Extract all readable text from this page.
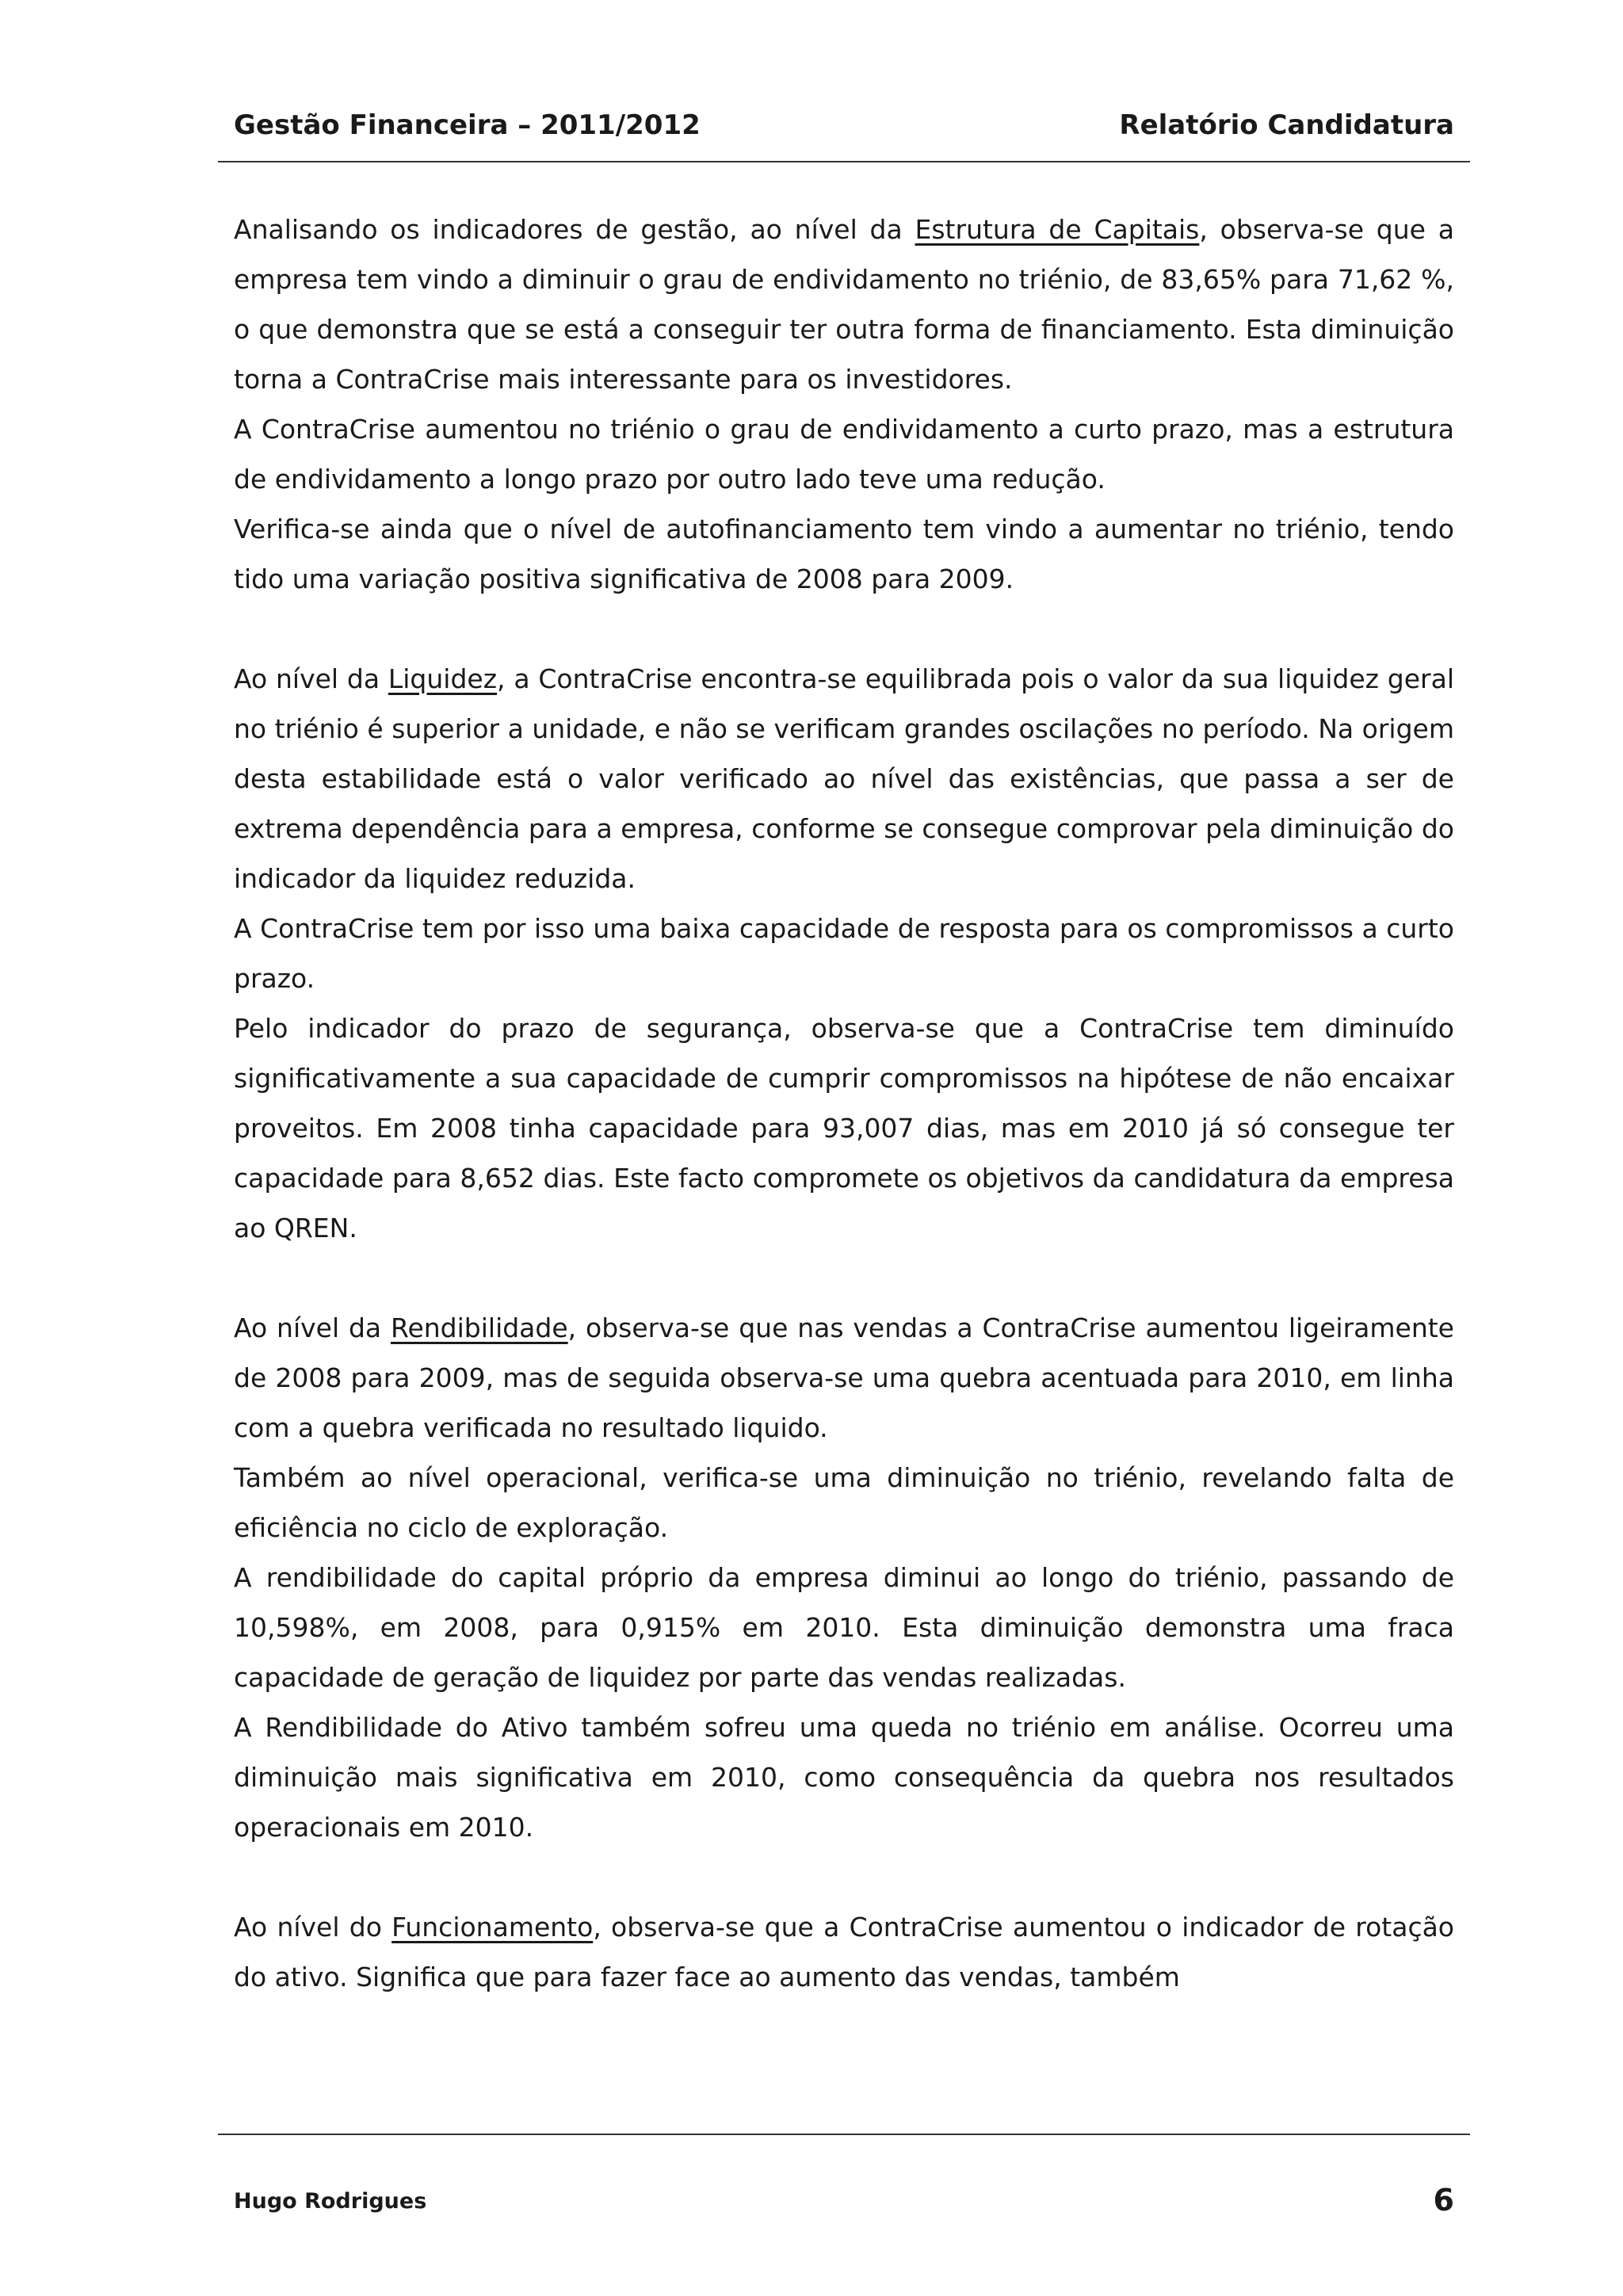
Gestão Financeira – 2011/2012	Relatório Candidatura

Analisando os indicadores de gestão, ao nível da Estrutura de Capitais, observa-se que a empresa tem vindo a diminuir o grau de endividamento no triénio, de 83,65% para 71,62 %, o que demonstra que se está a conseguir ter outra forma de financiamento. Esta diminuição torna a ContraCrise mais interessante para os investidores.

A ContraCrise aumentou no triénio o grau de endividamento a curto prazo, mas a estrutura de endividamento a longo prazo por outro lado teve uma redução.

Verifica-se ainda que o nível de autofinanciamento tem vindo a aumentar no triénio, tendo tido uma variação positiva significativa de 2008 para 2009.

Ao nível da Liquidez, a ContraCrise encontra-se equilibrada pois o valor da sua liquidez geral no triénio é superior a unidade, e não se verificam grandes oscilações no período. Na origem desta estabilidade está o valor verificado ao nível das existências, que passa a ser de extrema dependência para a empresa, conforme se consegue comprovar pela diminuição do indicador da liquidez reduzida.

A ContraCrise tem por isso uma baixa capacidade de resposta para os compromissos a curto prazo.

Pelo indicador do prazo de segurança, observa-se que a ContraCrise tem diminuído significativamente a sua capacidade de cumprir compromissos na hipótese de não encaixar proveitos. Em 2008 tinha capacidade para 93,007 dias, mas em 2010 já só consegue ter capacidade para 8,652 dias. Este facto compromete os objetivos da candidatura da empresa ao QREN.

Ao nível da Rendibilidade, observa-se que nas vendas a ContraCrise aumentou ligeiramente de 2008 para 2009, mas de seguida observa-se uma quebra acentuada para 2010, em linha com a quebra verificada no resultado liquido.

Também ao nível operacional, verifica-se uma diminuição no triénio, revelando falta de eficiência no ciclo de exploração.

A rendibilidade do capital próprio da empresa diminui ao longo do triénio, passando de 10,598%, em 2008, para 0,915% em 2010. Esta diminuição demonstra uma fraca capacidade de geração de liquidez por parte das vendas realizadas.

A Rendibilidade do Ativo também sofreu uma queda no triénio em análise. Ocorreu uma diminuição mais significativa em 2010, como consequência da quebra nos resultados operacionais em 2010.

Ao nível do Funcionamento, observa-se que a ContraCrise aumentou o indicador de rotação do ativo. Significa que para fazer face ao aumento das vendas, também

Hugo Rodrigues	6
